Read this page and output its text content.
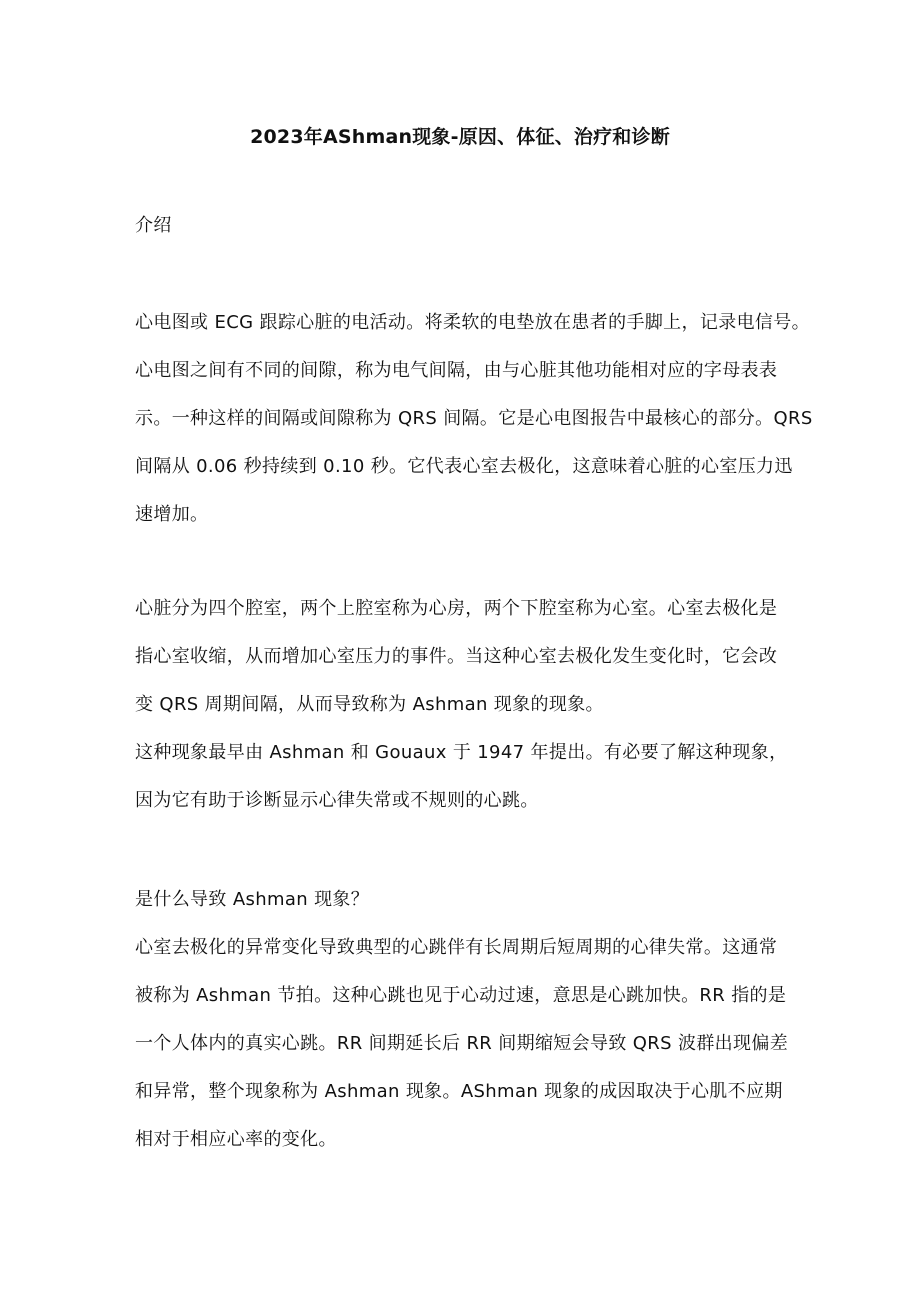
2023年AShman现象-原因、体征、治疗和诊断
介绍
心电图或 ECG 跟踪心脏的电活动。将柔软的电垫放在患者的手脚上，记录电信号。
心电图之间有不同的间隙，称为电气间隔，由与心脏其他功能相对应的字母表表
示。一种这样的间隔或间隙称为 QRS 间隔。它是心电图报告中最核心的部分。QRS
间隔从 0.06 秒持续到 0.10 秒。它代表心室去极化，这意味着心脏的心室压力迅
速增加。
心脏分为四个腔室，两个上腔室称为心房，两个下腔室称为心室。心室去极化是
指心室收缩，从而增加心室压力的事件。当这种心室去极化发生变化时，它会改
变 QRS 周期间隔，从而导致称为 Ashman 现象的现象。
这种现象最早由 Ashman 和 Gouaux 于 1947 年提出。有必要了解这种现象，
因为它有助于诊断显示心律失常或不规则的心跳。
是什么导致 Ashman 现象？
心室去极化的异常变化导致典型的心跳伴有长周期后短周期的心律失常。这通常
被称为 Ashman 节拍。这种心跳也见于心动过速，意思是心跳加快。RR 指的是
一个人体内的真实心跳。RR 间期延长后 RR 间期缩短会导致 QRS 波群出现偏差
和异常，整个现象称为 Ashman 现象。AShman 现象的成因取决于心肌不应期
相对于相应心率的变化。
